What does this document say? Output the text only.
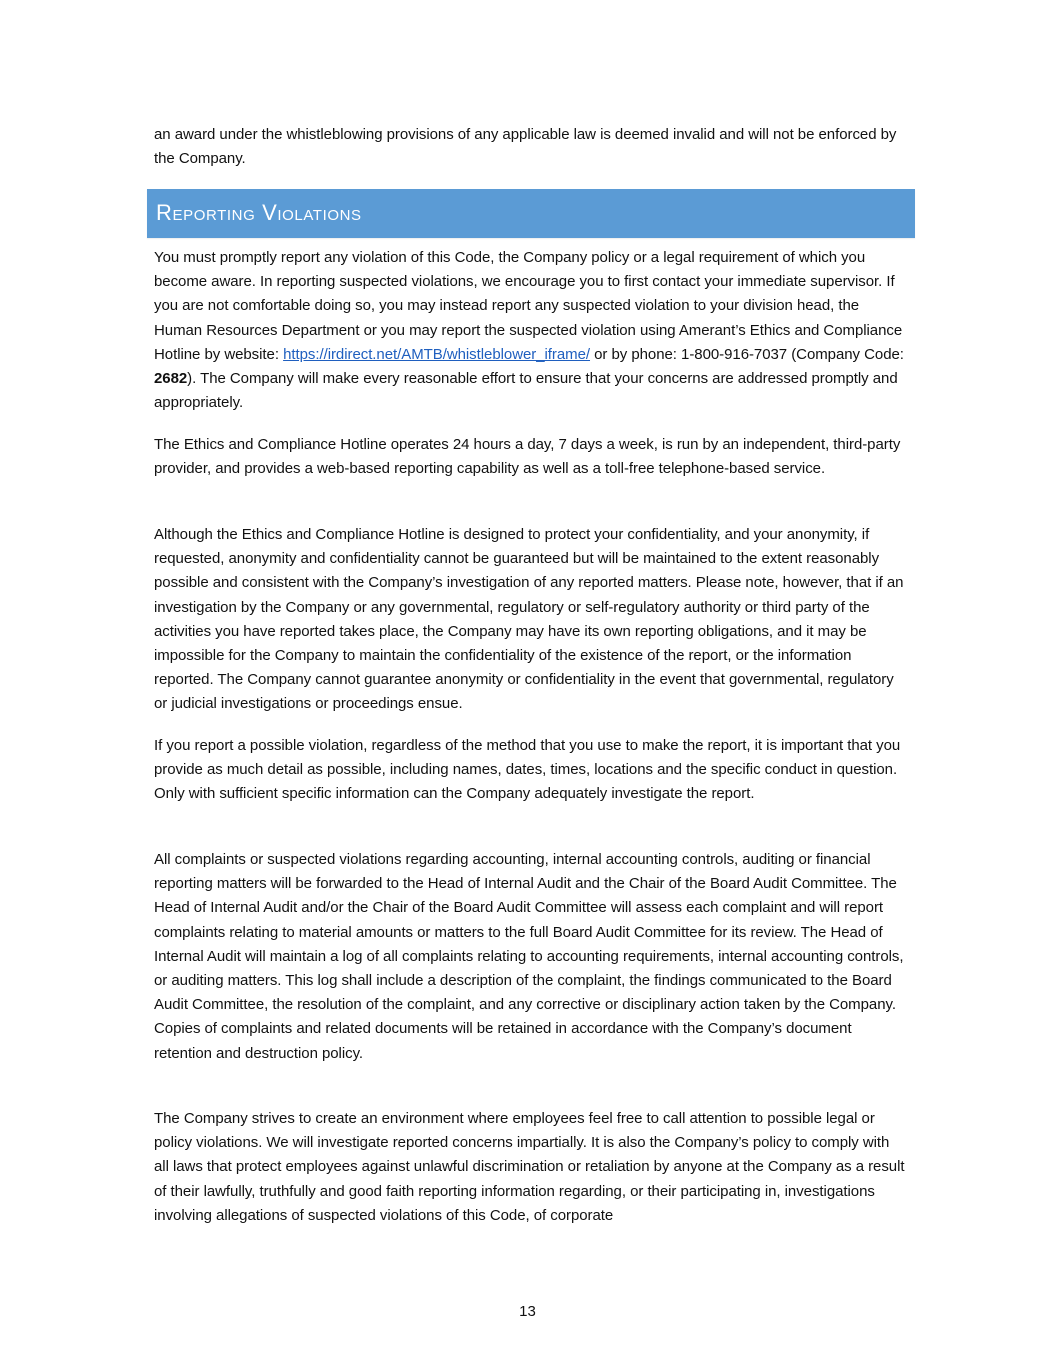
an award under the whistleblowing provisions of any applicable law is deemed invalid and will not be enforced by the Company.
Reporting Violations
You must promptly report any violation of this Code, the Company policy or a legal requirement of which you become aware. In reporting suspected violations, we encourage you to first contact your immediate supervisor. If you are not comfortable doing so, you may instead report any suspected violation to your division head, the Human Resources Department or you may report the suspected violation using Amerant’s Ethics and Compliance Hotline by website: https://irdirect.net/AMTB/whistleblower_iframe/ or by phone: 1-800-916-7037 (Company Code: 2682). The Company will make every reasonable effort to ensure that your concerns are addressed promptly and appropriately.
The Ethics and Compliance Hotline operates 24 hours a day, 7 days a week, is run by an independent, third-party provider, and provides a web-based reporting capability as well as a toll-free telephone-based service.
Although the Ethics and Compliance Hotline is designed to protect your confidentiality, and your anonymity, if requested, anonymity and confidentiality cannot be guaranteed but will be maintained to the extent reasonably possible and consistent with the Company’s investigation of any reported matters. Please note, however, that if an investigation by the Company or any governmental, regulatory or self-regulatory authority or third party of the activities you have reported takes place, the Company may have its own reporting obligations, and it may be impossible for the Company to maintain the confidentiality of the existence of the report, or the information reported. The Company cannot guarantee anonymity or confidentiality in the event that governmental, regulatory or judicial investigations or proceedings ensue.
If you report a possible violation, regardless of the method that you use to make the report, it is important that you provide as much detail as possible, including names, dates, times, locations and the specific conduct in question. Only with sufficient specific information can the Company adequately investigate the report.
All complaints or suspected violations regarding accounting, internal accounting controls, auditing or financial reporting matters will be forwarded to the Head of Internal Audit and the Chair of the Board Audit Committee. The Head of Internal Audit and/or the Chair of the Board Audit Committee will assess each complaint and will report complaints relating to material amounts or matters to the full Board Audit Committee for its review. The Head of Internal Audit will maintain a log of all complaints relating to accounting requirements, internal accounting controls, or auditing matters. This log shall include a description of the complaint, the findings communicated to the Board Audit Committee, the resolution of the complaint, and any corrective or disciplinary action taken by the Company. Copies of complaints and related documents will be retained in accordance with the Company’s document retention and destruction policy.
The Company strives to create an environment where employees feel free to call attention to possible legal or policy violations. We will investigate reported concerns impartially. It is also the Company’s policy to comply with all laws that protect employees against unlawful discrimination or retaliation by anyone at the Company as a result of their lawfully, truthfully and good faith reporting information regarding, or their participating in, investigations involving allegations of suspected violations of this Code, of corporate
13
